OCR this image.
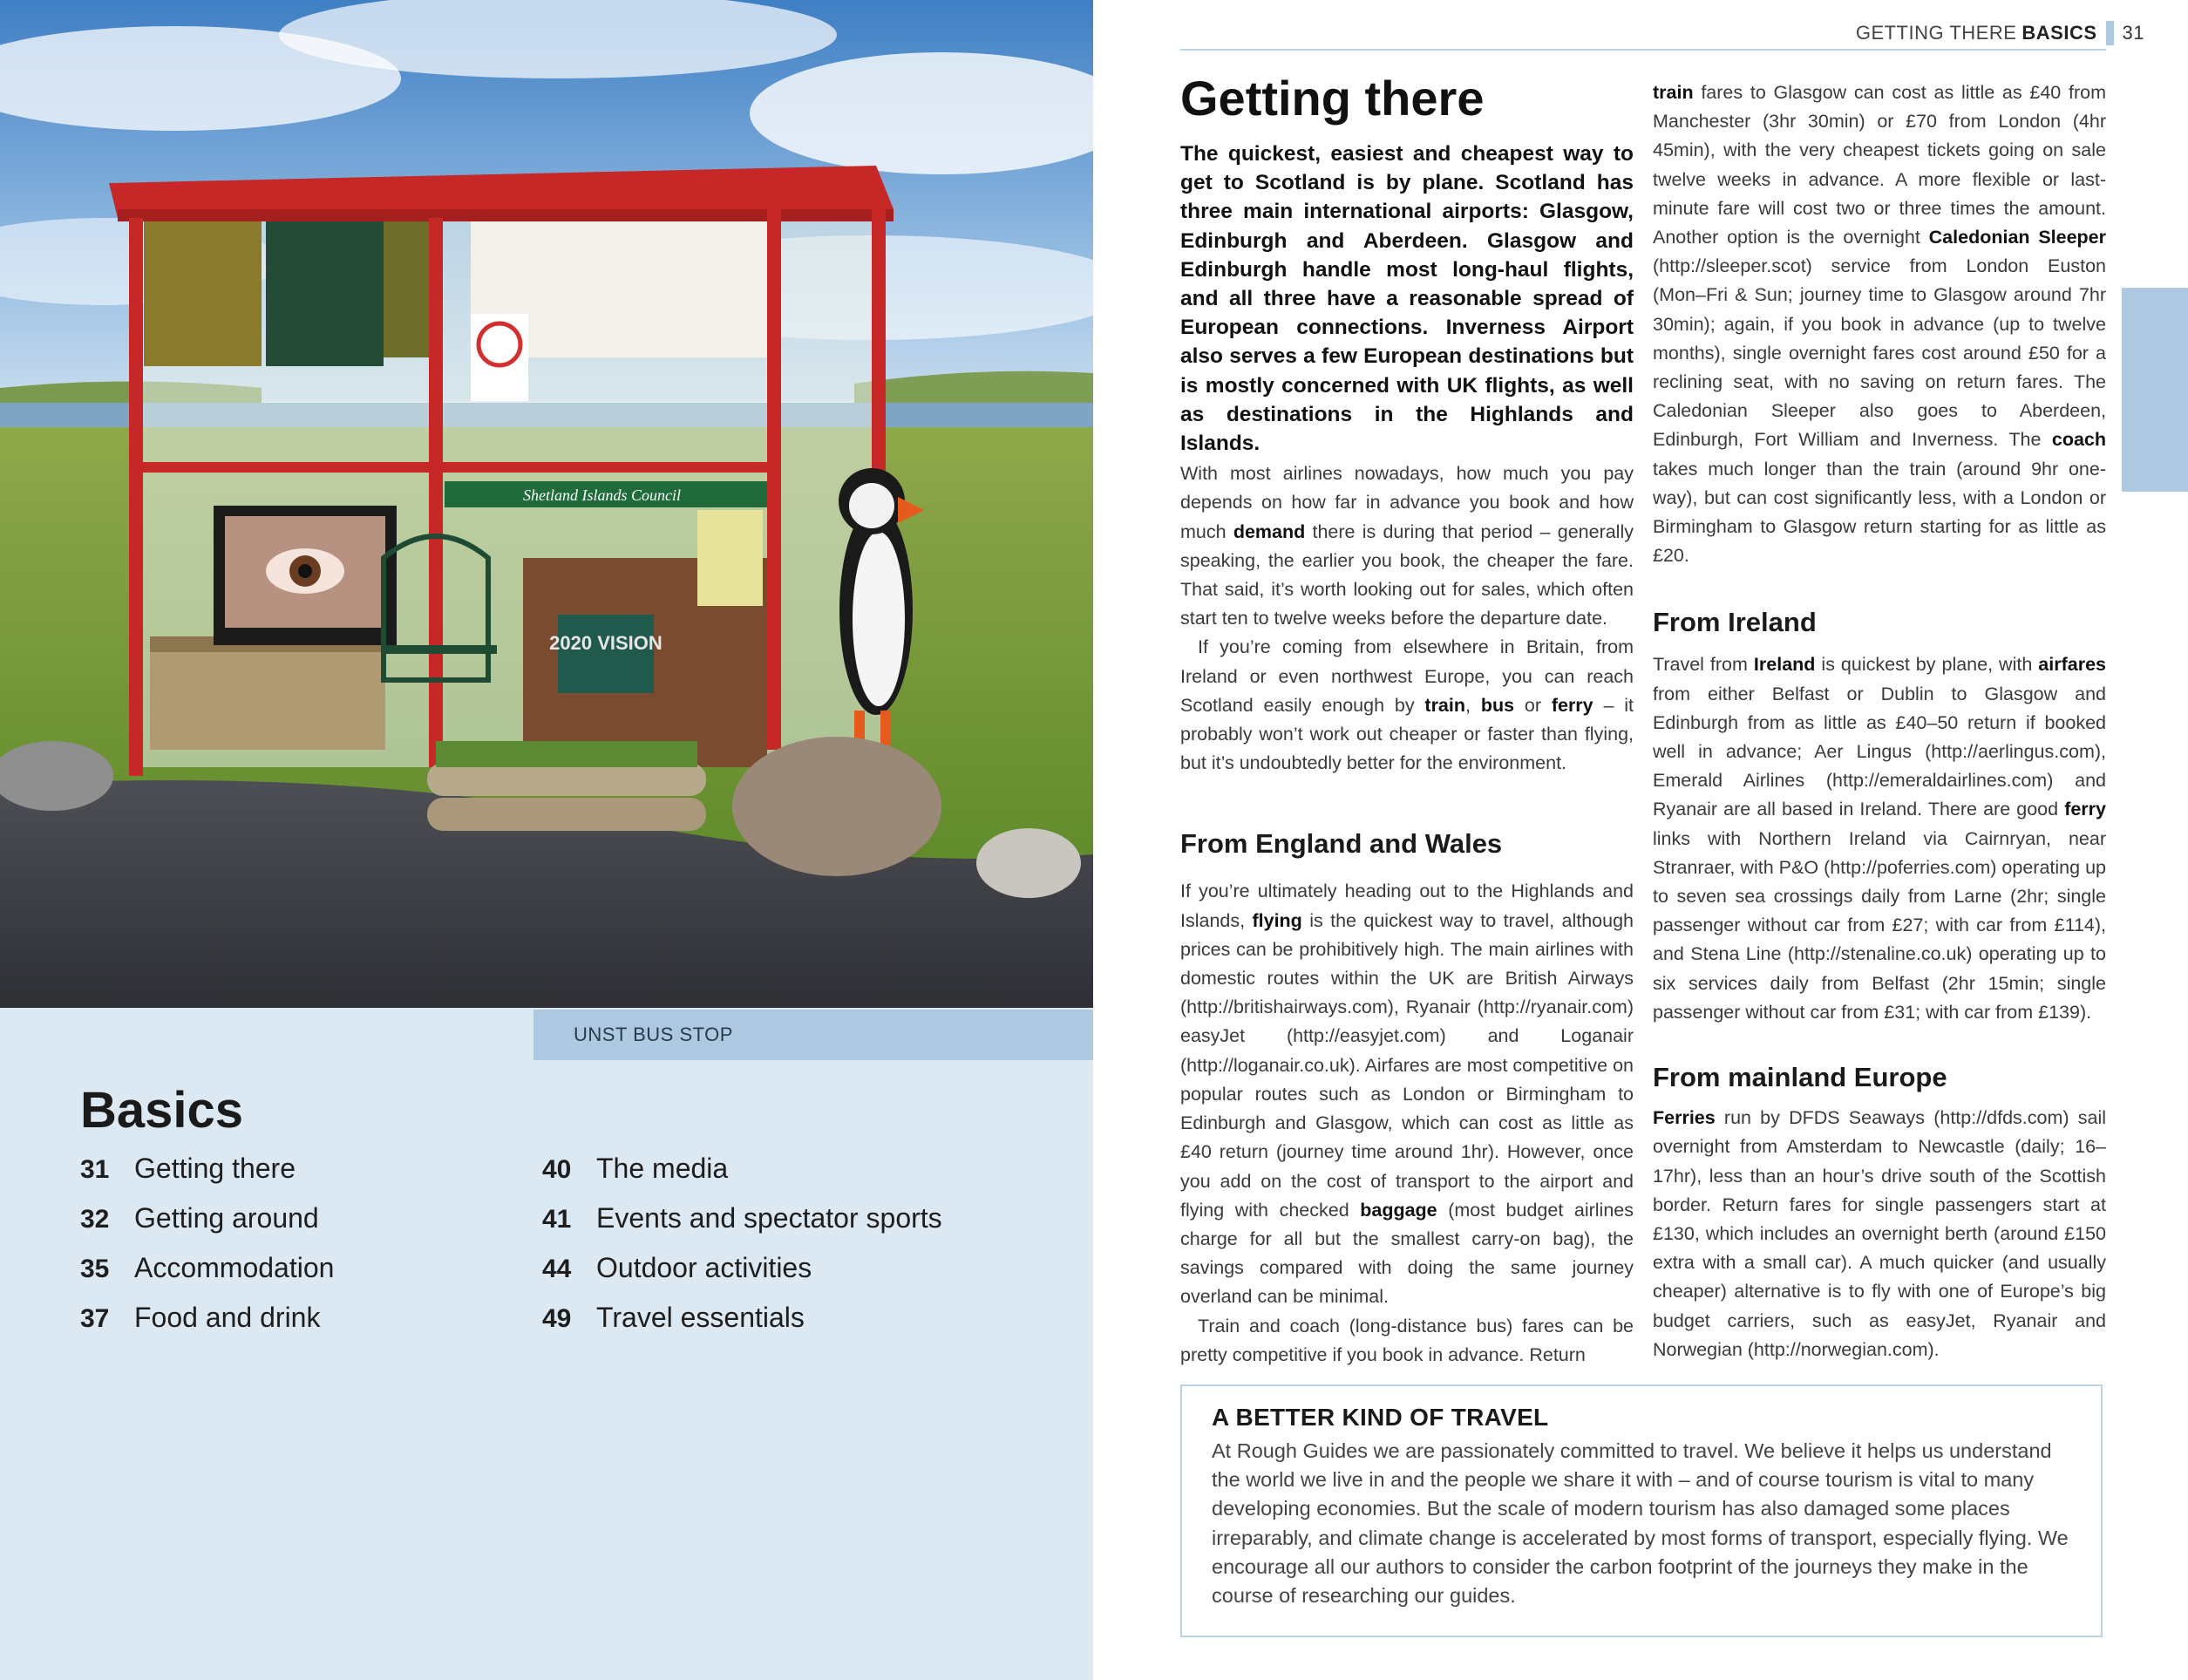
Shetland Islands Council
2020 VISION
UNST BUS STOP
Basics
31 Getting there
32 Getting around
35 Accommodation
37 Food and drink
40 The media
41 Events and spectator sports
44 Outdoor activities
49 Travel essentials
GETTING THERE BASICS 31
Getting there

The quickest, easiest and cheapest way to get to Scotland is by plane. Scotland has three main international airports: Glasgow, Edinburgh and Aberdeen. Glasgow and Edinburgh handle most long-haul flights, and all three have a reasonable spread of European connections. Inverness Airport also serves a few European destinations but is mostly concerned with UK flights, as well as destinations in the Highlands and Islands.

With most airlines nowadays, how much you pay depends on how far in advance you book and how much demand there is during that period – generally speaking, the earlier you book, the cheaper the fare. That said, it’s worth looking out for sales, which often start ten to twelve weeks before the departure date.

If you’re coming from elsewhere in Britain, from Ireland or even northwest Europe, you can reach Scotland easily enough by train, bus or ferry – it probably won’t work out cheaper or faster than flying, but it’s undoubtedly better for the environment.

From England and Wales

If you’re ultimately heading out to the Highlands and Islands, flying is the quickest way to travel, although prices can be prohibitively high. The main airlines with domestic routes within the UK are British Airways (http://britishairways.com), Ryanair (http://ryanair.com) easyJet (http://easyjet.com) and Loganair (http://loganair.co.uk). Airfares are most competitive on popular routes such as London or Birmingham to Edinburgh and Glasgow, which can cost as little as £40 return (journey time around 1hr). However, once you add on the cost of transport to the airport and flying with checked baggage (most budget airlines charge for all but the smallest carry-on bag), the savings compared with doing the same journey overland can be minimal.

Train and coach (long-distance bus) fares can be pretty competitive if you book in advance. Return

train fares to Glasgow can cost as little as £40 from Manchester (3hr 30min) or £70 from London (4hr 45min), with the very cheapest tickets going on sale twelve weeks in advance. A more flexible or last-minute fare will cost two or three times the amount. Another option is the overnight Caledonian Sleeper (http://sleeper.scot) service from London Euston (Mon–Fri & Sun; journey time to Glasgow around 7hr 30min); again, if you book in advance (up to twelve months), single overnight fares cost around £50 for a reclining seat, with no saving on return fares. The Caledonian Sleeper also goes to Aberdeen, Edinburgh, Fort William and Inverness. The coach takes much longer than the train (around 9hr one-way), but can cost significantly less, with a London or Birmingham to Glasgow return starting for as little as £20.

From Ireland

Travel from Ireland is quickest by plane, with airfares from either Belfast or Dublin to Glasgow and Edinburgh from as little as £40–50 return if booked well in advance; Aer Lingus (http://aerlingus.com), Emerald Airlines (http://emeraldairlines.com) and Ryanair are all based in Ireland. There are good ferry links with Northern Ireland via Cairnryan, near Stranraer, with P&O (http://poferries.com) operating up to seven sea crossings daily from Larne (2hr; single passenger without car from £27; with car from £114), and Stena Line (http://stenaline.co.uk) operating up to six services daily from Belfast (2hr 15min; single passenger without car from £31; with car from £139).

From mainland Europe

Ferries run by DFDS Seaways (http://dfds.com) sail overnight from Amsterdam to Newcastle (daily; 16–17hr), less than an hour’s drive south of the Scottish border. Return fares for single passengers start at £130, which includes an overnight berth (around £150 extra with a small car). A much quicker (and usually cheaper) alternative is to fly with one of Europe’s big budget carriers, such as easyJet, Ryanair and Norwegian (http://norwegian.com).

A BETTER KIND OF TRAVEL

At Rough Guides we are passionately committed to travel. We believe it helps us understand the world we live in and the people we share it with – and of course tourism is vital to many developing economies. But the scale of modern tourism has also damaged some places irreparably, and climate change is accelerated by most forms of transport, especially flying. We encourage all our authors to consider the carbon footprint of the journeys they make in the course of researching our guides.
